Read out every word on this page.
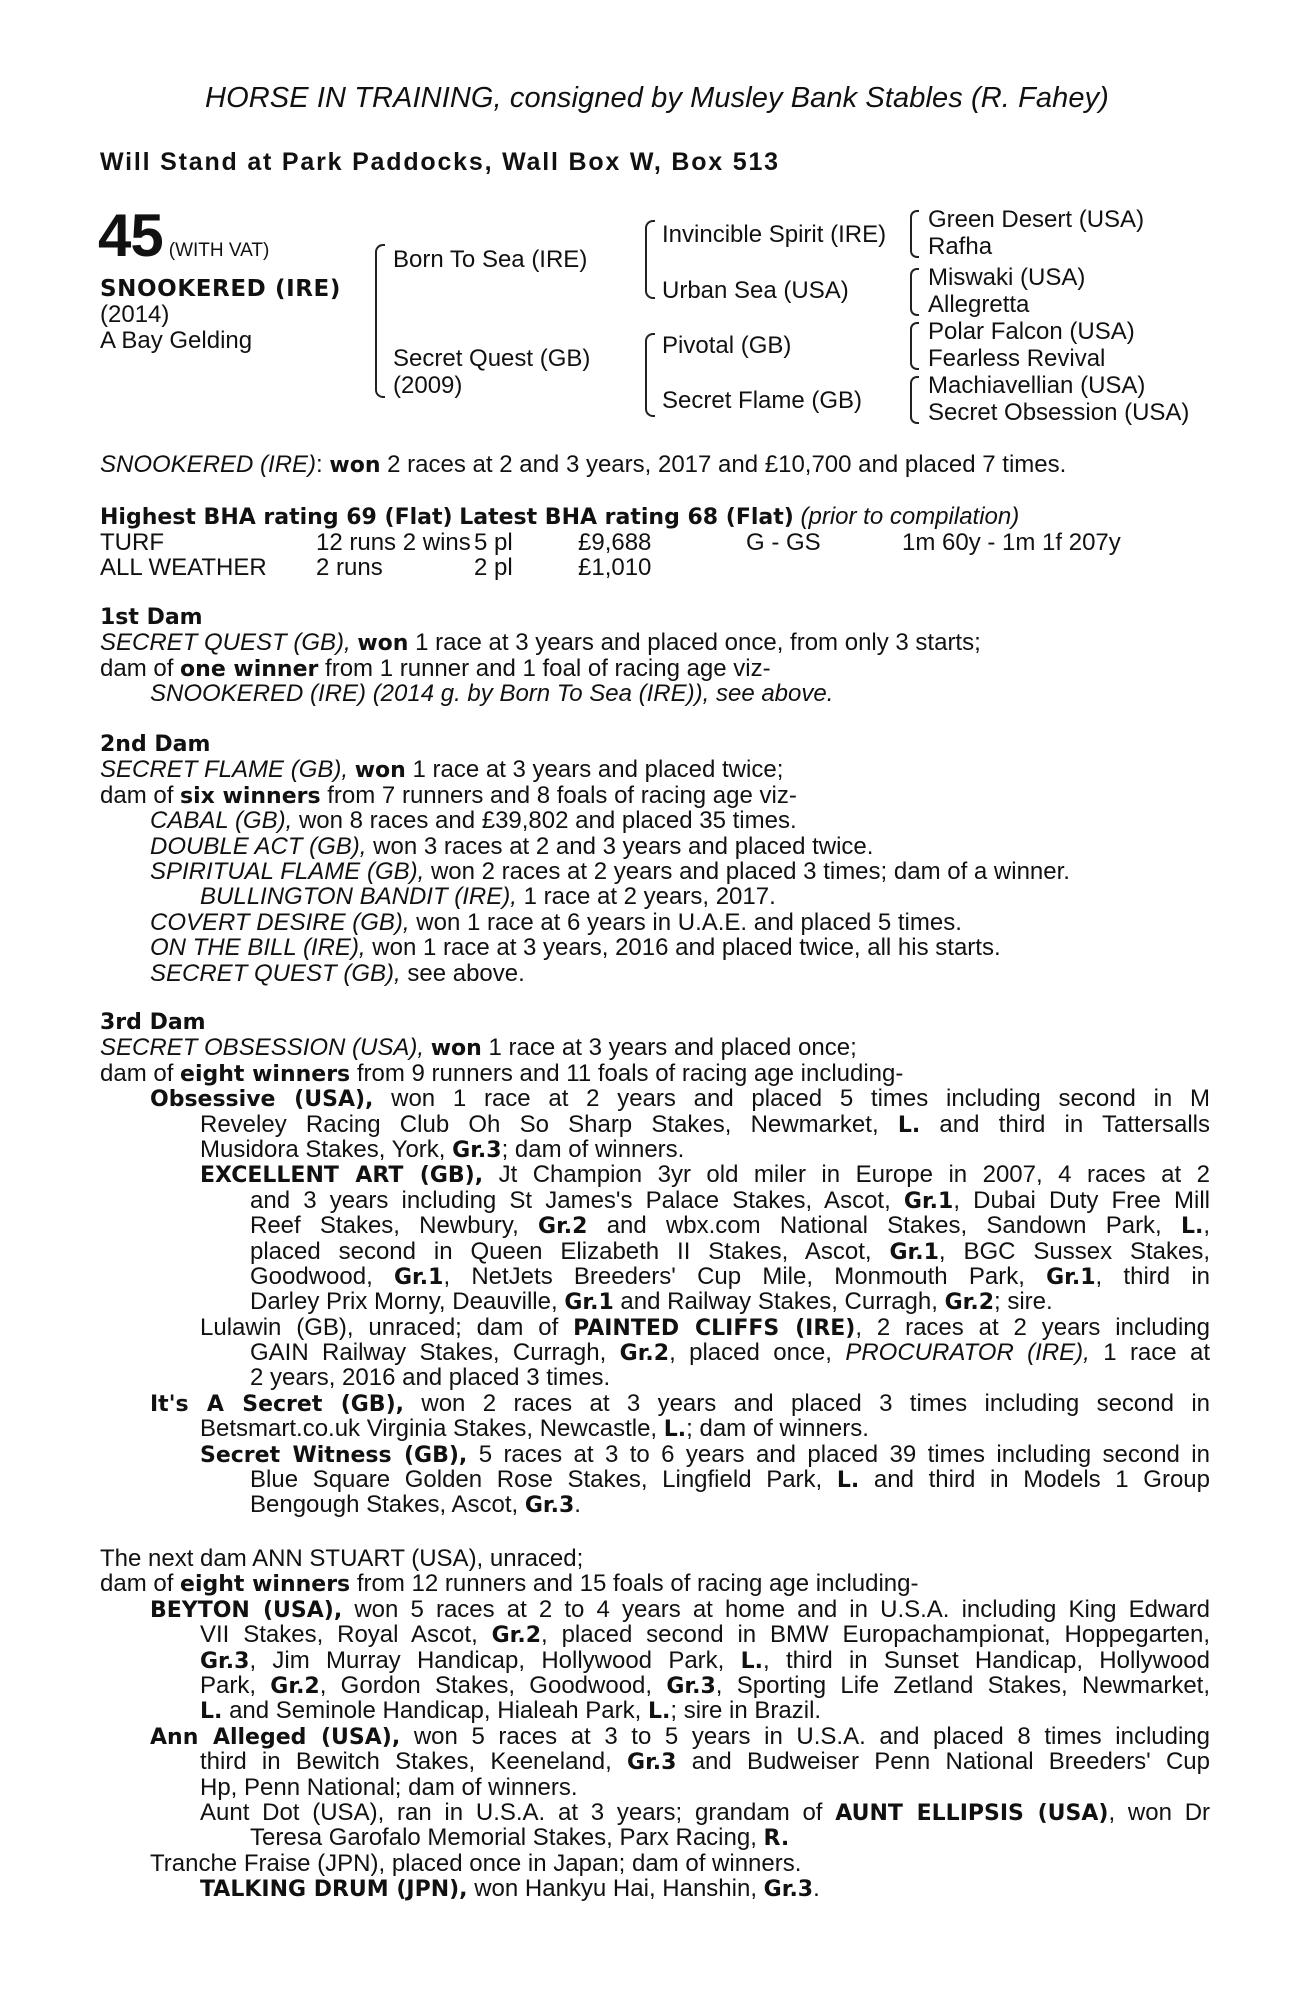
HORSE IN TRAINING, consigned by Musley Bank Stables (R. Fahey)
Will Stand at Park Paddocks, Wall Box W, Box 513
45 (WITH VAT)
SNOOKERED (IRE)
(2014)
A Bay Gelding
Born To Sea (IRE)
Secret Quest (GB)
(2009)
Invincible Spirit (IRE)
Urban Sea (USA)
Pivotal (GB)
Secret Flame (GB)
Green Desert (USA)
Rafha
Miswaki (USA)
Allegretta
Polar Falcon (USA)
Fearless Revival
Machiavellian (USA)
Secret Obsession (USA)
SNOOKERED (IRE): won 2 races at 2 and 3 years, 2017 and £10,700 and placed 7 times.
Highest BHA rating 69 (Flat) Latest BHA rating 68 (Flat) (prior to compilation)
TURF	12 runs 2 wins	5 pl	£9,688	G - GS	1m 60y - 1m 1f 207y
ALL WEATHER	2 runs	2 pl	£1,010		
1st Dam
SECRET QUEST (GB), won 1 race at 3 years and placed once, from only 3 starts;
dam of one winner from 1 runner and 1 foal of racing age viz-
SNOOKERED (IRE) (2014 g. by Born To Sea (IRE)), see above.
2nd Dam
SECRET FLAME (GB), won 1 race at 3 years and placed twice;
dam of six winners from 7 runners and 8 foals of racing age viz-
CABAL (GB), won 8 races and £39,802 and placed 35 times.
DOUBLE ACT (GB), won 3 races at 2 and 3 years and placed twice.
SPIRITUAL FLAME (GB), won 2 races at 2 years and placed 3 times; dam of a winner.
BULLINGTON BANDIT (IRE), 1 race at 2 years, 2017.
COVERT DESIRE (GB), won 1 race at 6 years in U.A.E. and placed 5 times.
ON THE BILL (IRE), won 1 race at 3 years, 2016 and placed twice, all his starts.
SECRET QUEST (GB), see above.
3rd Dam
SECRET OBSESSION (USA), won 1 race at 3 years and placed once;
dam of eight winners from 9 runners and 11 foals of racing age including-
Obsessive (USA), won 1 race at 2 years and placed 5 times including second in M
Reveley Racing Club Oh So Sharp Stakes, Newmarket, L. and third in Tattersalls
Musidora Stakes, York, Gr.3; dam of winners.
EXCELLENT ART (GB), Jt Champion 3yr old miler in Europe in 2007, 4 races at 2
and 3 years including St James's Palace Stakes, Ascot, Gr.1, Dubai Duty Free Mill
Reef Stakes, Newbury, Gr.2 and wbx.com National Stakes, Sandown Park, L.,
placed second in Queen Elizabeth II Stakes, Ascot, Gr.1, BGC Sussex Stakes,
Goodwood, Gr.1, NetJets Breeders' Cup Mile, Monmouth Park, Gr.1, third in
Darley Prix Morny, Deauville, Gr.1 and Railway Stakes, Curragh, Gr.2; sire.
Lulawin (GB), unraced; dam of PAINTED CLIFFS (IRE), 2 races at 2 years including
GAIN Railway Stakes, Curragh, Gr.2, placed once, PROCURATOR (IRE), 1 race at
2 years, 2016 and placed 3 times.
It's A Secret (GB), won 2 races at 3 years and placed 3 times including second in
Betsmart.co.uk Virginia Stakes, Newcastle, L.; dam of winners.
Secret Witness (GB), 5 races at 3 to 6 years and placed 39 times including second in
Blue Square Golden Rose Stakes, Lingfield Park, L. and third in Models 1 Group
Bengough Stakes, Ascot, Gr.3.
The next dam ANN STUART (USA), unraced;
dam of eight winners from 12 runners and 15 foals of racing age including-
BEYTON (USA), won 5 races at 2 to 4 years at home and in U.S.A. including King Edward
VII Stakes, Royal Ascot, Gr.2, placed second in BMW Europachampionat, Hoppegarten,
Gr.3, Jim Murray Handicap, Hollywood Park, L., third in Sunset Handicap, Hollywood
Park, Gr.2, Gordon Stakes, Goodwood, Gr.3, Sporting Life Zetland Stakes, Newmarket,
L. and Seminole Handicap, Hialeah Park, L.; sire in Brazil.
Ann Alleged (USA), won 5 races at 3 to 5 years in U.S.A. and placed 8 times including
third in Bewitch Stakes, Keeneland, Gr.3 and Budweiser Penn National Breeders' Cup
Hp, Penn National; dam of winners.
Aunt Dot (USA), ran in U.S.A. at 3 years; grandam of AUNT ELLIPSIS (USA), won Dr
Teresa Garofalo Memorial Stakes, Parx Racing, R.
Tranche Fraise (JPN), placed once in Japan; dam of winners.
TALKING DRUM (JPN), won Hankyu Hai, Hanshin, Gr.3.
